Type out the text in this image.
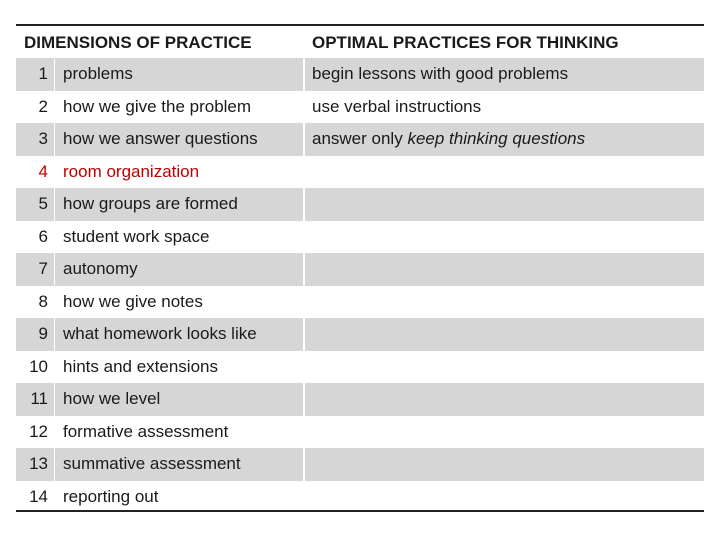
DIMENSIONS OF PRACTICE	OPTIMAL PRACTICES FOR THINKING
1 problems	begin lessons with good problems
2 how we give the problem	use verbal instructions
3 how we answer questions	answer only keep thinking questions
4 room organization
5 how groups are formed
6 student work space
7 autonomy
8 how we give notes
9 what homework looks like
10 hints and extensions
11 how we level
12 formative assessment
13 summative assessment
14 reporting out
